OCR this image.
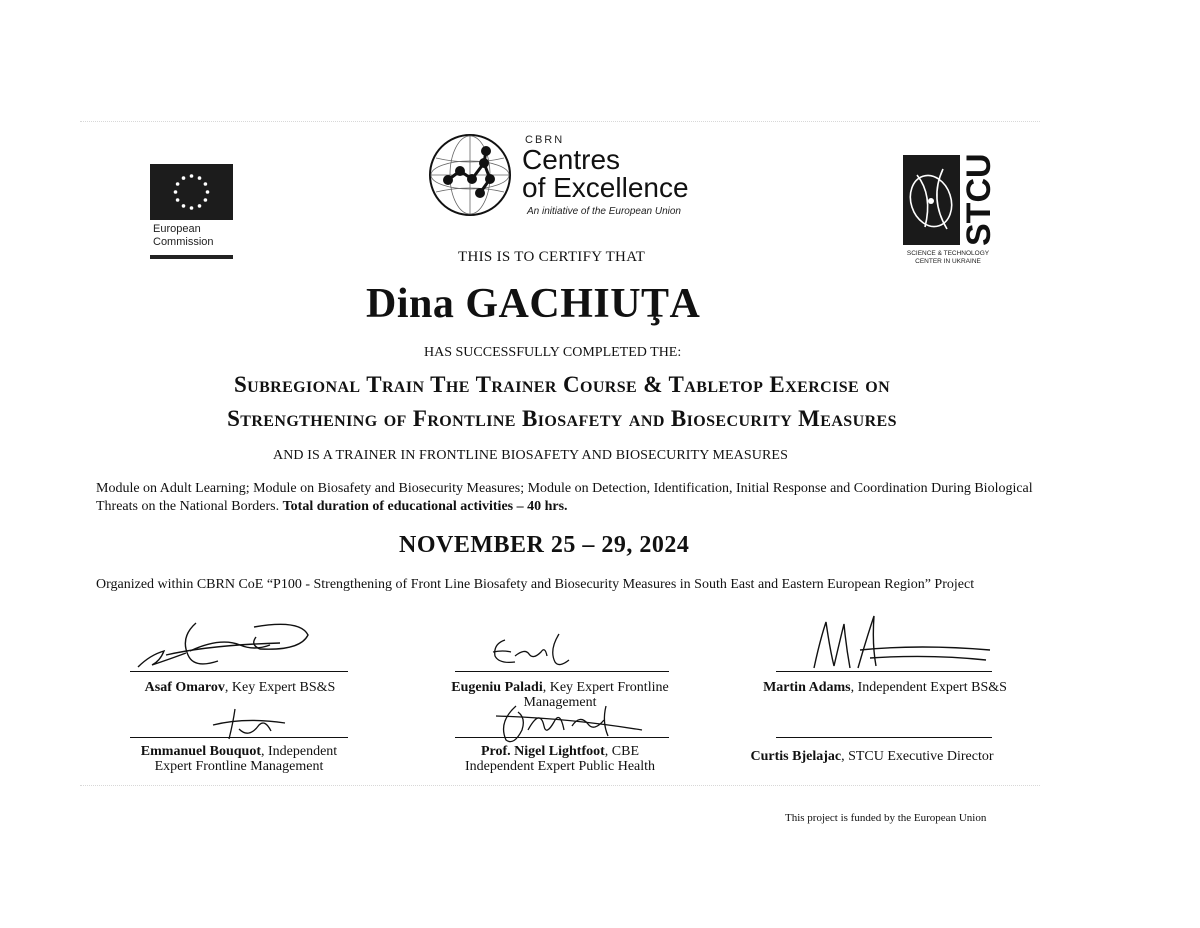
European
Commission
CBRN
Centres
of Excellence
An initiative of the European Union	STCU
SCIENCE & TECHNOLOGY
CENTER IN UKRAINE
THIS IS TO CERTIFY THAT
Dina GACHIUŢA
HAS SUCCESSFULLY COMPLETED THE:
Subregional Train The Trainer Course & Tabletop Exercise on
Strengthening of Frontline Biosafety and Biosecurity Measures
AND IS A TRAINER IN FRONTLINE BIOSAFETY AND BIOSECURITY MEASURES
Module on Adult Learning; Module on Biosafety and Biosecurity Measures; Module on Detection, Identification, Initial Response and Coordination During Biological Threats on the National Borders. Total duration of educational activities – 40 hrs.
NOVEMBER 25 – 29, 2024
Organized within CBRN CoE “P100 - Strengthening of Front Line Biosafety and Biosecurity Measures in South East and Eastern European Region” Project
Asaf Omarov, Key Expert BS&S	Eugeniu Paladi, Key Expert Frontline
Management
Martin Adams, Independent Expert BS&S
Emmanuel Bouquot, Independent
Expert Frontline Management
Prof. Nigel Lightfoot, CBE
Independent Expert Public Health
Curtis Bjelajac, STCU Executive Director
This project is funded by the European Union
